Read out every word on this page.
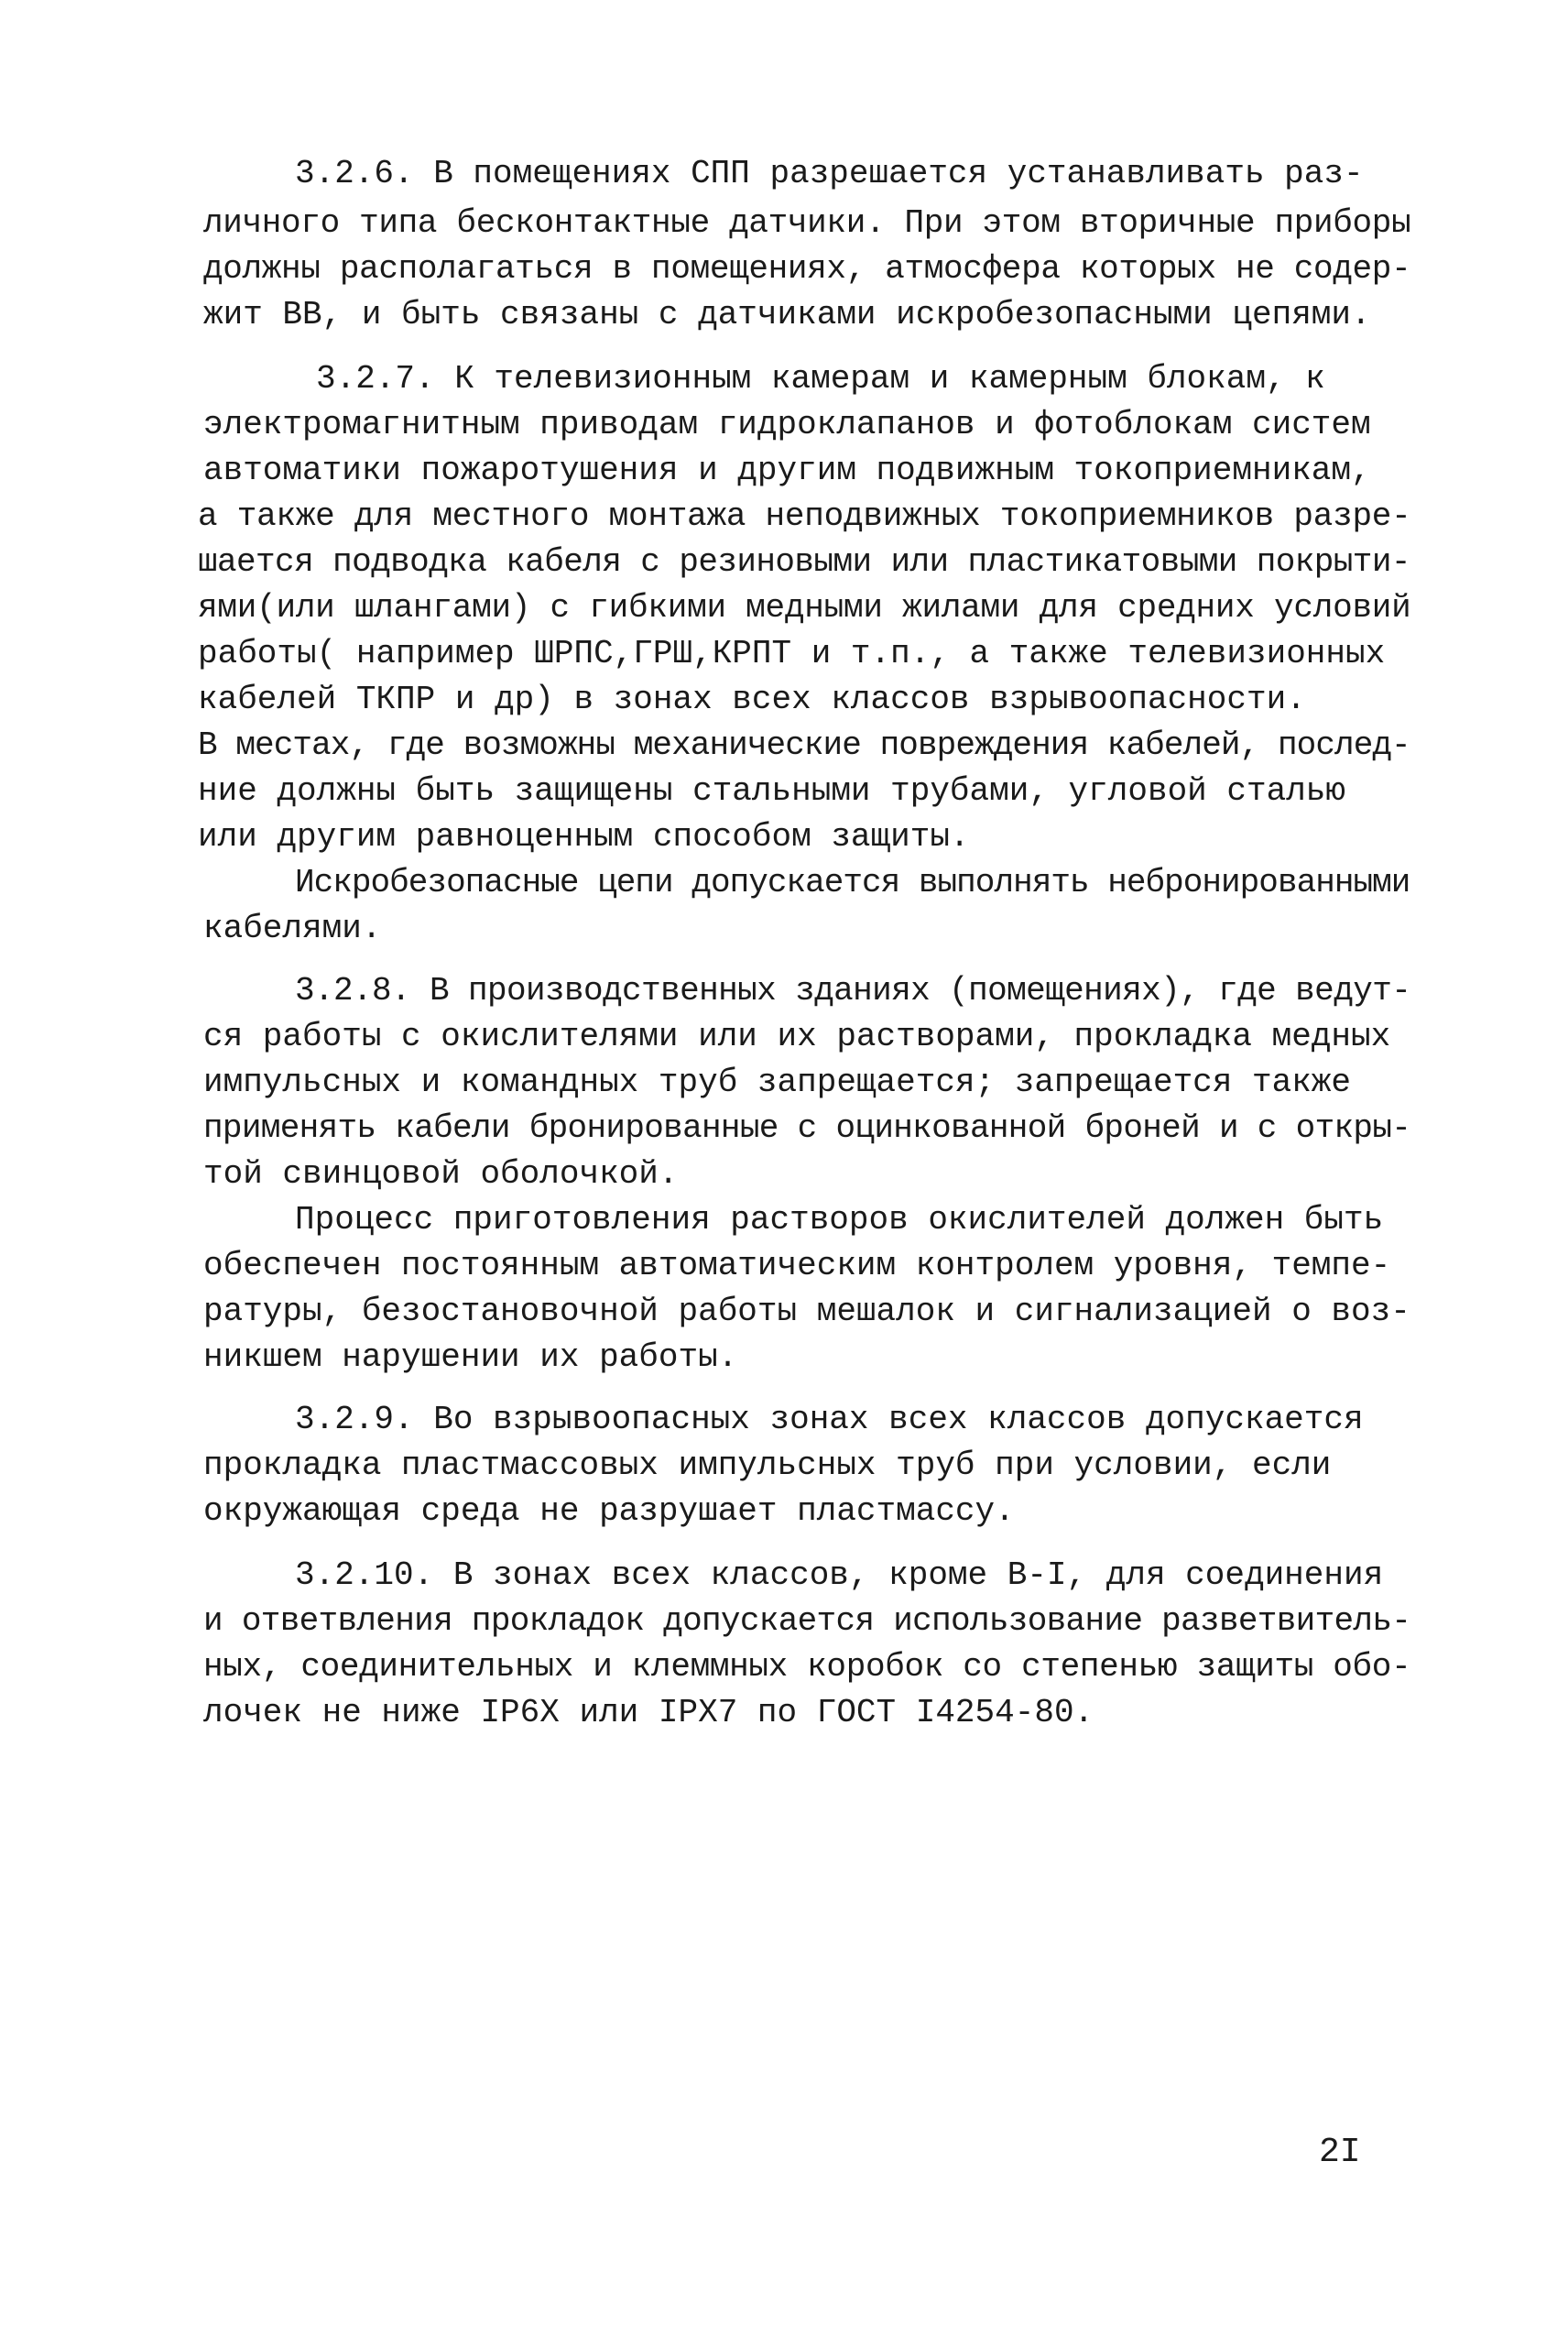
3.2.6. В помещениях СПП разрешается устанавливать раз-
личного типа бесконтактные датчики. При этом вторичные приборы
должны располагаться в помещениях, атмосфера которых не содер-
жит ВВ, и быть связаны с датчиками искробезопасными цепями.
3.2.7. К телевизионным камерам и камерным блокам, к
электромагнитным приводам гидроклапанов и фотоблокам систем
автоматики пожаротушения и другим подвижным токоприемникам,
а также для местного монтажа неподвижных токоприемников разре-
шается подводка кабеля с резиновыми или пластикатовыми покрыти-
ями(или шлангами) с гибкими медными жилами для средних условий
работы( например ШРПС,ГРШ,КРПТ и т.п., а также телевизионных
кабелей ТКПР и др) в зонах всех классов взрывоопасности.
В местах, где возможны механические повреждения кабелей, послед-
ние должны быть защищены стальными трубами, угловой сталью
или другим равноценным способом защиты.
Искробезопасные цепи допускается выполнять небронированными
кабелями.
3.2.8. В производственных зданиях (помещениях), где ведут-
ся работы с окислителями или их растворами, прокладка медных
импульсных и командных труб запрещается; запрещается также
применять кабели бронированные с оцинкованной броней и с откры-
той свинцовой оболочкой.
Процесс приготовления растворов окислителей должен быть
обеспечен постоянным автоматическим контролем уровня, темпе-
ратуры, безостановочной работы мешалок и сигнализацией о воз-
никшем нарушении их работы.
3.2.9. Во взрывоопасных зонах всех классов допускается
прокладка пластмассовых импульсных труб при условии, если
окружающая среда не разрушает пластмассу.
3.2.10. В зонах всех классов, кроме В-I, для соединения
и ответвления прокладок допускается использование разветвитель-
ных, соединительных и клеммных коробок со степенью защиты обо-
лочек не ниже IP6X или IPX7 по ГОСТ I4254-80.
2I
